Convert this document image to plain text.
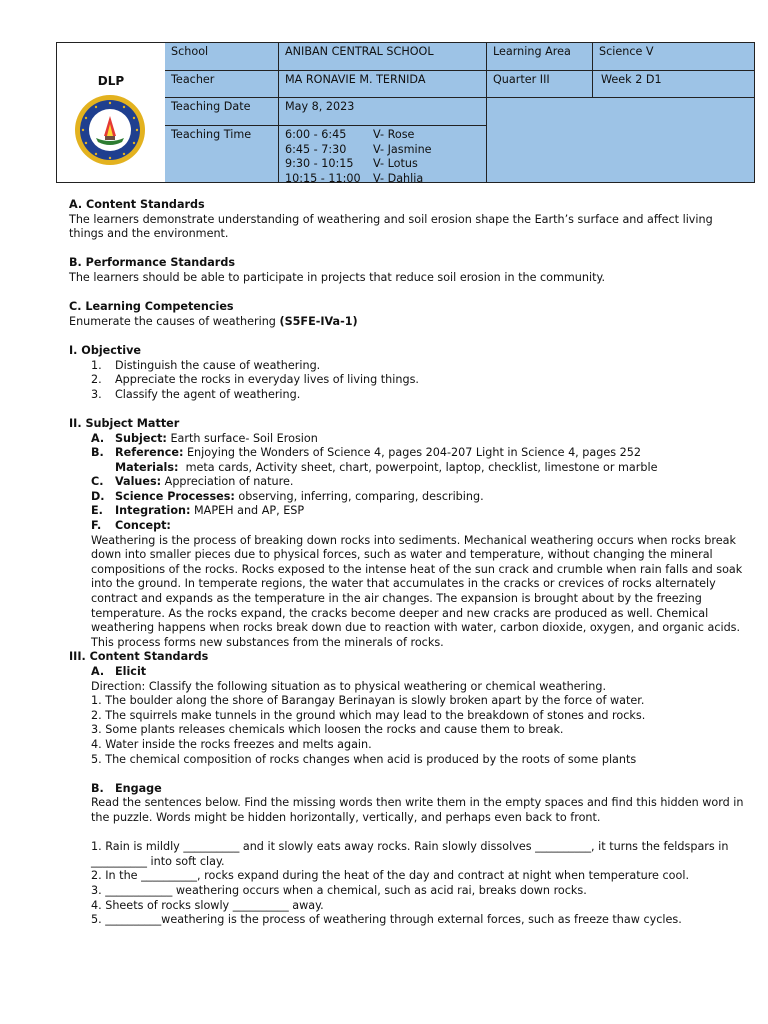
DLP
School	ANIBAN CENTRAL SCHOOL	Learning Area	Science V
Teacher	MA RONAVIE M. TERNIDA	Quarter III	Week 2 D1
Teaching Date	May 8, 2023
Teaching Time	6:00 - 6:45 V- Rose
6:45 - 7:30 V- Jasmine
9:30 - 10:15 V- Lotus
10:15 - 11:00 V- Dahlia

A. Content Standards

The learners demonstrate understanding of weathering and soil erosion shape the Earth’s surface and affect living things and the environment.

B. Performance Standards

The learners should be able to participate in projects that reduce soil erosion in the community.

C. Learning Competencies

Enumerate the causes of weathering (S5FE-IVa-1)

I. Objective

1. Distinguish the cause of weathering.
2. Appreciate the rocks in everyday lives of living things.
3. Classify the agent of weathering.

II. Subject Matter

A. Subject: Earth surface- Soil Erosion
B. Reference: Enjoying the Wonders of Science 4, pages 204-207 Light in Science 4, pages 252
Materials:  meta cards, Activity sheet, chart, powerpoint, laptop, checklist, limestone or marble
C. Values: Appreciation of nature.
D. Science Processes: observing, inferring, comparing, describing.
E. Integration: MAPEH and AP, ESP
F. Concept:

Weathering is the process of breaking down rocks into sediments. Mechanical weathering occurs when rocks break down into smaller pieces due to physical forces, such as water and temperature, without changing the mineral compositions of the rocks. Rocks exposed to the intense heat of the sun crack and crumble when rain falls and soak into the ground. In temperate regions, the water that accumulates in the cracks or crevices of rocks alternately contract and expands as the temperature in the air changes. The expansion is brought about by the freezing temperature. As the rocks expand, the cracks become deeper and new cracks are produced as well. Chemical weathering happens when rocks break down due to reaction with water, carbon dioxide, oxygen, and organic acids. This process forms new substances from the minerals of rocks.

III. Content Standards

A. Elicit

Direction: Classify the following situation as to physical weathering or chemical weathering.

1. The boulder along the shore of Barangay Berinayan is slowly broken apart by the force of water.

2. The squirrels make tunnels in the ground which may lead to the breakdown of stones and rocks.

3. Some plants releases chemicals which loosen the rocks and cause them to break.

4. Water inside the rocks freezes and melts again.

5. The chemical composition of rocks changes when acid is produced by the roots of some plants

B. Engage

Read the sentences below. Find the missing words then write them in the empty spaces and find this hidden word in the puzzle. Words might be hidden horizontally, vertically, and perhaps even back to front.

1. Rain is mildly __________ and it slowly eats away rocks. Rain slowly dissolves __________, it turns the feldspars in __________ into soft clay.

2. In the __________, rocks expand during the heat of the day and contract at night when temperature cool.

3. ____________ weathering occurs when a chemical, such as acid rai, breaks down rocks.

4. Sheets of rocks slowly __________ away.

5. __________weathering is the process of weathering through external forces, such as freeze thaw cycles.
